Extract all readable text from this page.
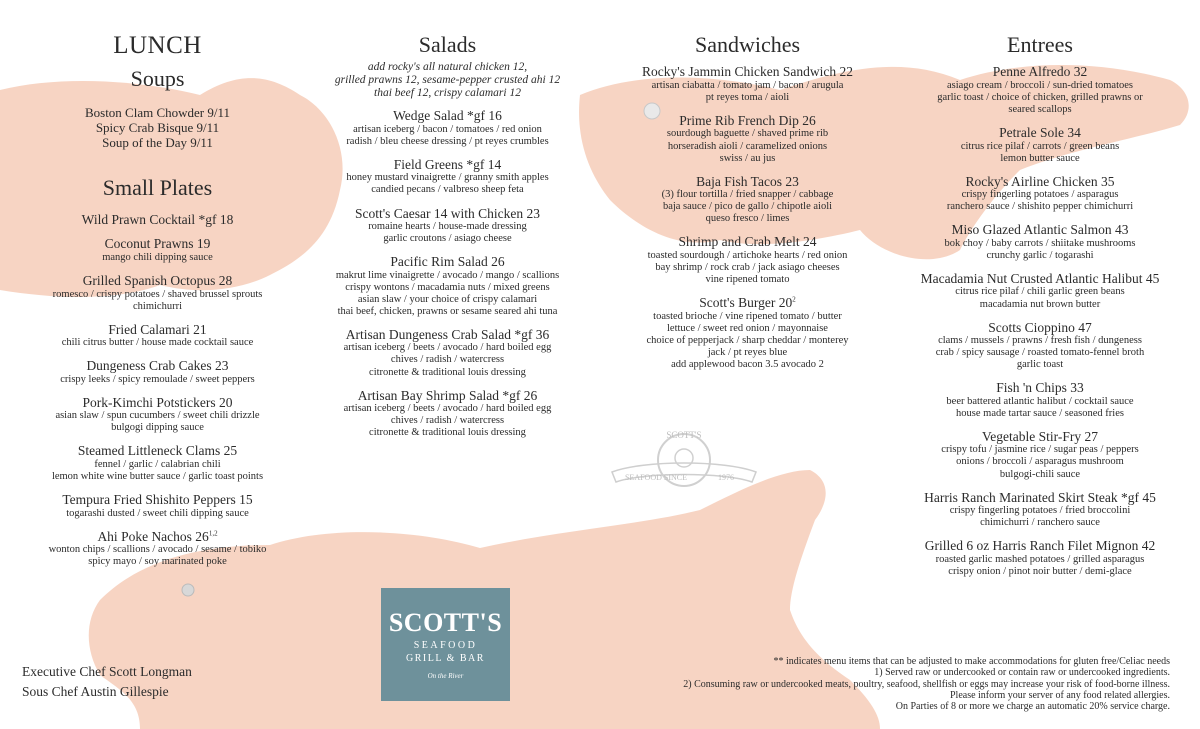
LUNCH
Soups
Boston Clam Chowder 9/11
Spicy Crab Bisque 9/11
Soup of the Day 9/11
Small Plates
Wild Prawn Cocktail *gf 18
Coconut Prawns 19
mango chili dipping sauce
Grilled Spanish Octopus 28
romesco / crispy potatoes / shaved brussel sprouts
chimichurri
Fried Calamari 21
chili citrus butter / house made cocktail sauce
Dungeness Crab Cakes 23
crispy leeks / spicy remoulade / sweet peppers
Pork-Kimchi Potstickers 20
asian slaw / spun cucumbers / sweet chili drizzle
bulgogi dipping sauce
Steamed Littleneck Clams 25
fennel / garlic / calabrian chili
lemon white wine butter sauce / garlic toast points
Tempura Fried Shishito Peppers 15
togarashi dusted / sweet chili dipping sauce
Ahi Poke Nachos 26$^{1,2}$
wonton chips / scallions / avocado / sesame / tobiko
spicy mayo / soy marinated poke
Salads
add rocky's all natural chicken 12,
grilled prawns 12, sesame-pepper crusted ahi 12
thai beef 12, crispy calamari 12
Wedge Salad *gf 16
artisan iceberg / bacon / tomatoes / red onion
radish / bleu cheese dressing / pt reyes crumbles
Field Greens *gf 14
honey mustard vinaigrette / granny smith apples
candied pecans / valbreso sheep feta
Scott's Caesar 14 with Chicken 23
romaine hearts / house-made dressing
garlic croutons / asiago cheese
Pacific Rim Salad 26
makrut lime vinaigrette / avocado / mango / scallions
crispy wontons / macadamia nuts / mixed greens
asian slaw / your choice of crispy calamari
thai beef, chicken, prawns or sesame seared ahi tuna
Artisan Dungeness Crab Salad *gf 36
artisan iceberg / beets / avocado / hard boiled egg
chives / radish / watercress
citronette & traditional louis dressing
Artisan Bay Shrimp Salad *gf 26
artisan iceberg / beets / avocado / hard boiled egg
chives / radish / watercress
citronette & traditional louis dressing
Sandwiches
Rocky's Jammin Chicken Sandwich 22
artisan ciabatta / tomato jam / bacon / arugula
pt reyes toma / aioli
Prime Rib French Dip 26
sourdough baguette / shaved prime rib
horseradish aioli / caramelized onions
swiss / au jus
Baja Fish Tacos 23
(3) flour tortilla / fried snapper / cabbage
baja sauce / pico de gallo / chipotle aioli
queso fresco / limes
Shrimp and Crab Melt 24
toasted sourdough / artichoke hearts / red onion
bay shrimp / rock crab / jack asiago cheeses
vine ripened tomato
Scott's Burger $20^2$
toasted brioche / vine ripened tomato / butter
lettuce / sweet red onion / mayonnaise
choice of pepperjack / sharp cheddar / monterey
jack / pt reyes blue
add applewood bacon 3.5 avocado 2
Entrees
Penne Alfredo 32
asiago cream / broccoli / sun-dried tomatoes
garlic toast / choice of chicken, grilled prawns or
seared scallops
Petrale Sole 34
citrus rice pilaf / carrots / green beans
lemon butter sauce
Rocky's Airline Chicken 35
crispy fingerling potatoes / asparagus
ranchero sauce / shishito pepper chimichurri
Miso Glazed Atlantic Salmon 43
bok choy / baby carrots / shiitake mushrooms
crunchy garlic / togarashi
Macadamia Nut Crusted Atlantic Halibut 45
citrus rice pilaf / chili garlic green beans
macadamia nut brown butter
Scotts Cioppino 47
clams / mussels / prawns / fresh fish / dungeness
crab / spicy sausage / roasted tomato-fennel broth
garlic toast
Fish 'n Chips 33
beer battered atlantic halibut / cocktail sauce
house made tartar sauce / seasoned fries
Vegetable Stir-Fry 27
crispy tofu / jasmine rice / sugar peas / peppers
onions / broccoli / asparagus mushroom
bulgogi-chili sauce
Harris Ranch Marinated Skirt Steak *gf 45
crispy fingerling potatoes / fried broccolini
chimichurri / ranchero sauce
Grilled 6 oz Harris Ranch Filet Mignon 42
roasted garlic mashed potatoes / grilled asparagus
crispy onion / pinot noir butter / demi-glace
SCOTT'S
SEAFOOD SINCE	1976
SCOTT'S
SEAFOOD
GRILL & BAR
On the River
Executive Chef Scott Longman
Sous Chef Austin Gillespie
** indicates menu items that can be adjusted to make accommodations for gluten free/Celiac needs
1) Served raw or undercooked or contain raw or undercooked ingredients.
2) Consuming raw or undercooked meats, poultry, seafood, shellfish or eggs may increase your risk of food-borne illness.
Please inform your server of any food related allergies.
On Parties of 8 or more we charge an automatic 20% service charge.
